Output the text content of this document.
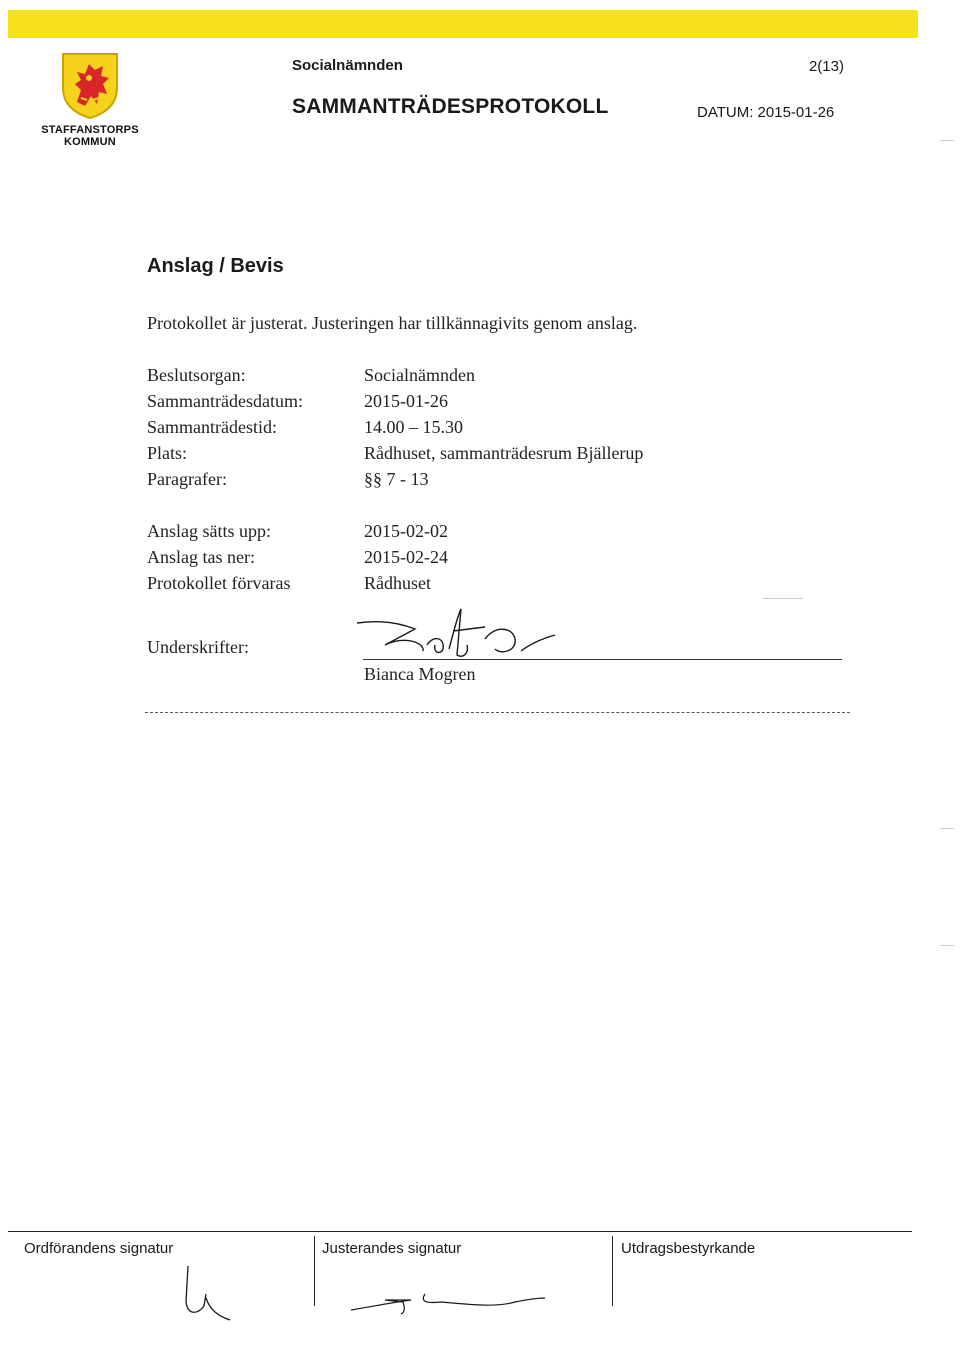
STAFFANSTORPS
KOMMUN
Socialnämnden	2(13)
SAMMANTRÄDESPROTOKOLL	DATUM: 2015-01-26
Anslag / Bevis
Protokollet är justerat. Justeringen har tillkännagivits genom anslag.
Beslutsorgan:	Socialnämnden
Sammanträdesdatum:	2015-01-26
Sammanträdestid:	14.00 – 15.30
Plats:	Rådhuset, sammanträdesrum Bjällerup
Paragrafer:	§§ 7 - 13
Anslag sätts upp:	2015-02-02
Anslag tas ner:	2015-02-24
Protokollet förvaras	Rådhuset
Underskrifter:
Bianca Mogren
Ordförandens signatur	Justerandes signatur	Utdragsbestyrkande
